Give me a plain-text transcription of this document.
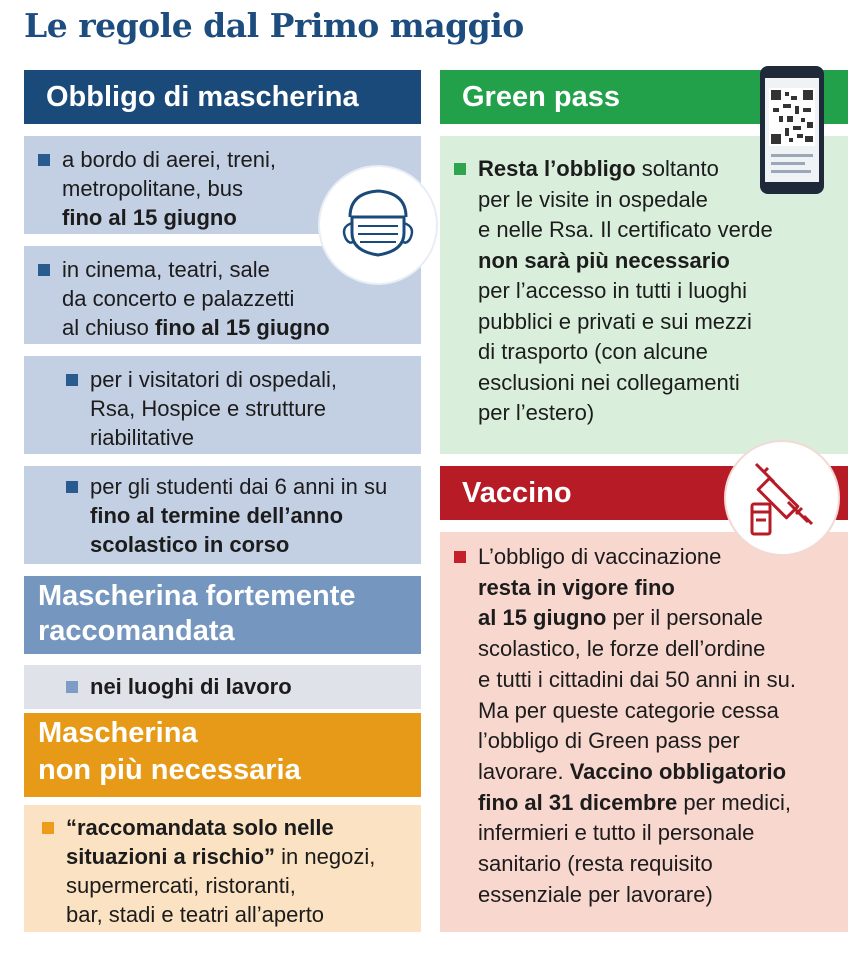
Le regole dal Primo maggio
Obbligo di mascherina
a bordo di aerei, treni,
metropolitane, bus
fino al 15 giugno
in cinema, teatri, sale
da concerto e palazzetti
al chiuso fino al 15 giugno
per i visitatori di ospedali,
Rsa, Hospice e strutture
riabilitative
per gli studenti dai 6 anni in su
fino al termine dell’anno
scolastico in corso
Mascherina fortemente
raccomandata
nei luoghi di lavoro
Mascherina
non più necessaria
“raccomandata solo nelle
situazioni a rischio” in negozi,
supermercati, ristoranti,
bar, stadi e teatri all’aperto
Green pass
Resta l’obbligo soltanto
per le visite in ospedale
e nelle Rsa. Il certificato verde
non sarà più necessario
per l’accesso in tutti i luoghi
pubblici e privati e sui mezzi
di trasporto (con alcune
esclusioni nei collegamenti
per l’estero)
Vaccino
L’obbligo di vaccinazione
resta in vigore fino
al 15 giugno per il personale
scolastico, le forze dell’ordine
e tutti i cittadini dai 50 anni in su.
Ma per queste categorie cessa
l’obbligo di Green pass per
lavorare. Vaccino obbligatorio
fino al 31 dicembre per medici,
infermieri e tutto il personale
sanitario (resta requisito
essenziale per lavorare)
